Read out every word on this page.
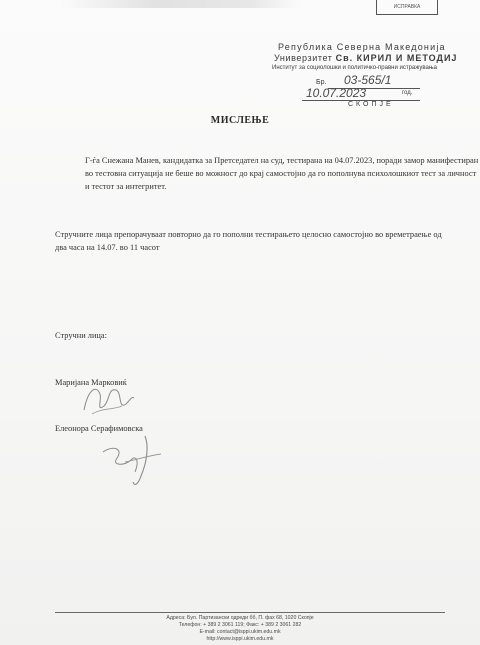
ИСПРАВКА
Република Северна Македонија
Универзитет Св. КИРИЛ И МЕТОДИЈ
Институт за социолошки и политичко-правни истражувања
Бр. 03-565/1
10.07.2023	год.
СКОПЈЕ
МИСЛЕЊЕ
Г-ѓа Снежана Манев, кандидатка за Претседател на суд, тестирана на 04.07.2023, поради замор манифестиран во тестовна ситуација не беше во можност до крај самостојно да го пополнува психолошкиот тест за личност и тестот за интегритет.
Стручните лица препорачуваат повторно да го пополни тестирањето целосно самостојно во времетраење од два часа на 14.07. во 11 часот
Стручни лица:
Маријана Марковиќ
Елеонора Серафимовска
Адреса: Бул. Партизански одреди бб, П. фах 68, 1020 Скопје
Телефон: + 389 2 3061 119; Факс: + 389 2 3061 282
E-mail: contact@isppi.ukim.edu.mk
http://www.isppi.ukim.edu.mk
